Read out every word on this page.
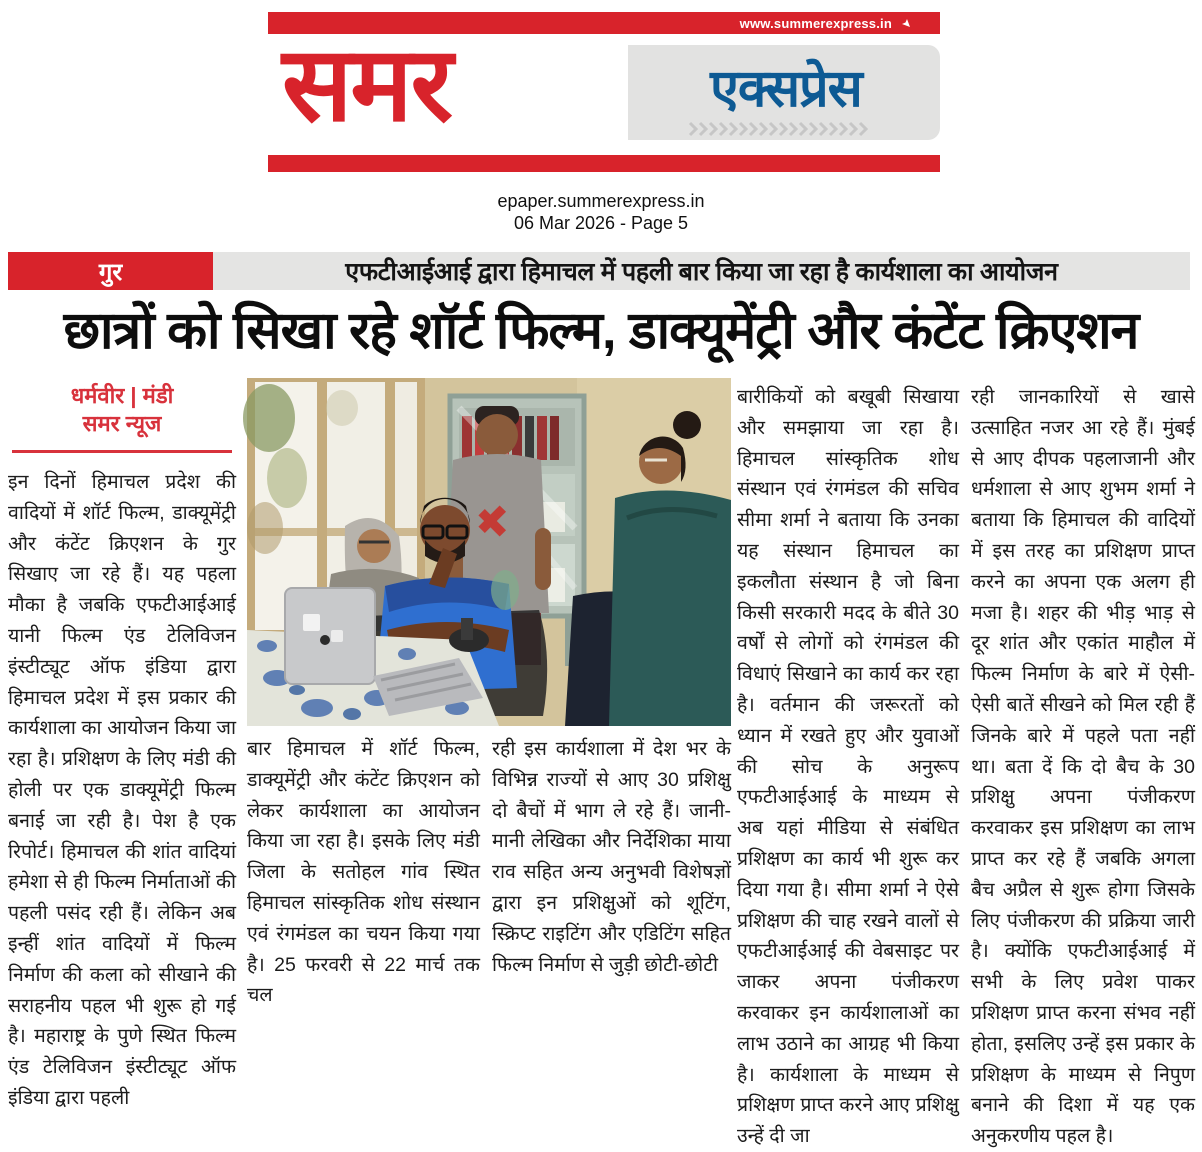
www.summerexpress.in
समर	एक्सप्रेस
epaper.summerexpress.in
06 Mar 2026 - Page 5
गुर	एफटीआईआई द्वारा हिमाचल में पहली बार किया जा रहा है कार्यशाला का आयोजन
छात्रों को सिखा रहे शॉर्ट फिल्म, डाक्यूमेंट्री और कंटेंट क्रिएशन
धर्मवीर | मंडी
समर न्यूज
इन दिनों हिमाचल प्रदेश की वादियों में शॉर्ट फिल्म, डाक्यूमेंट्री और कंटेंट क्रिएशन के गुर सिखाए जा रहे हैं। यह पहला मौका है जबकि एफटीआईआई यानी फिल्म एंड टेलिविजन इंस्टीट्यूट ऑफ इंडिया द्वारा हिमाचल प्रदेश में इस प्रकार की कार्यशाला का आयोजन किया जा रहा है। प्रशिक्षण के लिए मंडी की होली पर एक डाक्यूमेंट्री फिल्म बनाई जा रही है। पेश है एक रिपोर्ट। हिमाचल की शांत वादियां हमेशा से ही फिल्म निर्माताओं की पहली पसंद रही हैं। लेकिन अब इन्हीं शांत वादियों में फिल्म निर्माण की कला को सीखाने की सराहनीय पहल भी शुरू हो गई है। महाराष्ट्र के पुणे स्थित फिल्म एंड टेलिविजन इंस्टीट्यूट ऑफ इंडिया द्वारा पहली
बार हिमाचल में शॉर्ट फिल्म, डाक्यूमेंट्री और कंटेंट क्रिएशन को लेकर कार्यशाला का आयोजन किया जा रहा है। इसके लिए मंडी जिला के सतोहल गांव स्थित हिमाचल सांस्कृतिक शोध संस्थान एवं रंगमंडल का चयन किया गया है। 25 फरवरी से 22 मार्च तक चल
रही इस कार्यशाला में देश भर के विभिन्न राज्यों से आए 30 प्रशिक्षु दो बैचों में भाग ले रहे हैं। जानी-मानी लेखिका और निर्देशिका माया राव सहित अन्य अनुभवी विशेषज्ञों द्वारा इन प्रशिक्षुओं को शूटिंग, स्क्रिप्ट राइटिंग और एडिटिंग सहित फिल्म निर्माण से जुड़ी छोटी-छोटी
बारीकियों को बखूबी सिखाया और समझाया जा रहा है। हिमाचल सांस्कृतिक शोध संस्थान एवं रंगमंडल की सचिव सीमा शर्मा ने बताया कि उनका यह संस्थान हिमाचल का इकलौता संस्थान है जो बिना किसी सरकारी मदद के बीते 30 वर्षों से लोगों को रंगमंडल की विधाएं सिखाने का कार्य कर रहा है। वर्तमान की जरूरतों को ध्यान में रखते हुए और युवाओं की सोच के अनुरूप एफटीआईआई के माध्यम से अब यहां मीडिया से संबंधित प्रशिक्षण का कार्य भी शुरू कर दिया गया है। सीमा शर्मा ने ऐसे प्रशिक्षण की चाह रखने वालों से एफटीआईआई की वेबसाइट पर जाकर अपना पंजीकरण करवाकर इन कार्यशालाओं का लाभ उठाने का आग्रह भी किया है। कार्यशाला के माध्यम से प्रशिक्षण प्राप्त करने आए प्रशिक्षु उन्हें दी जा
रही जानकारियों से खासे उत्साहित नजर आ रहे हैं। मुंबई से आए दीपक पहलाजानी और धर्मशाला से आए शुभम शर्मा ने बताया कि हिमाचल की वादियों में इस तरह का प्रशिक्षण प्राप्त करने का अपना एक अलग ही मजा है। शहर की भीड़ भाड़ से दूर शांत और एकांत माहौल में फिल्म निर्माण के बारे में ऐसी-ऐसी बातें सीखने को मिल रही हैं जिनके बारे में पहले पता नहीं था। बता दें कि दो बैच के 30 प्रशिक्षु अपना पंजीकरण करवाकर इस प्रशिक्षण का लाभ प्राप्त कर रहे हैं जबकि अगला बैच अप्रैल से शुरू होगा जिसके लिए पंजीकरण की प्रक्रिया जारी है। क्योंकि एफटीआईआई में सभी के लिए प्रवेश पाकर प्रशिक्षण प्राप्त करना संभव नहीं होता, इसलिए उन्हें इस प्रकार के प्रशिक्षण के माध्यम से निपुण बनाने की दिशा में यह एक अनुकरणीय पहल है।
